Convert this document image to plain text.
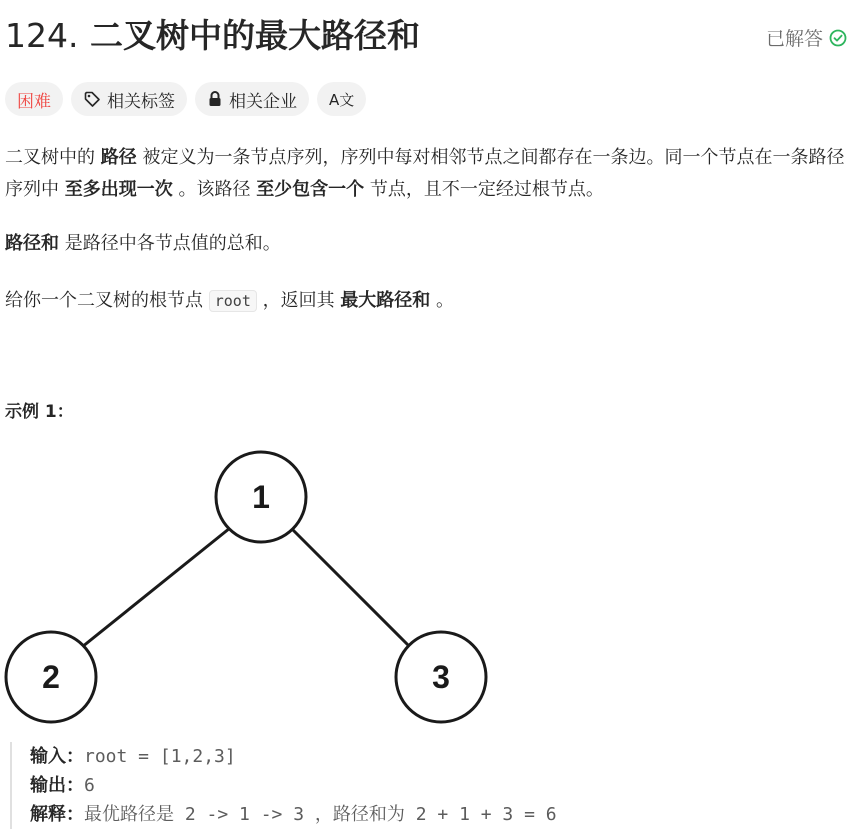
124. 二叉树中的最大路径和	已解答
困难	相关标签	相关企业 A文
二叉树中的 路径 被定义为一条节点序列，序列中每对相邻节点之间都存在一条边。同一个节点在一条路径序列中 至多出现一次 。该路径 至少包含一个 节点，且不一定经过根节点。
路径和 是路径中各节点值的总和。
给你一个二叉树的根节点 root ，返回其 最大路径和 。
示例 1：
1
2	3
输入：root = [1,2,3]
输出：6
解释：最优路径是 2 -> 1 -> 3 ，路径和为 2 + 1 + 3 = 6
